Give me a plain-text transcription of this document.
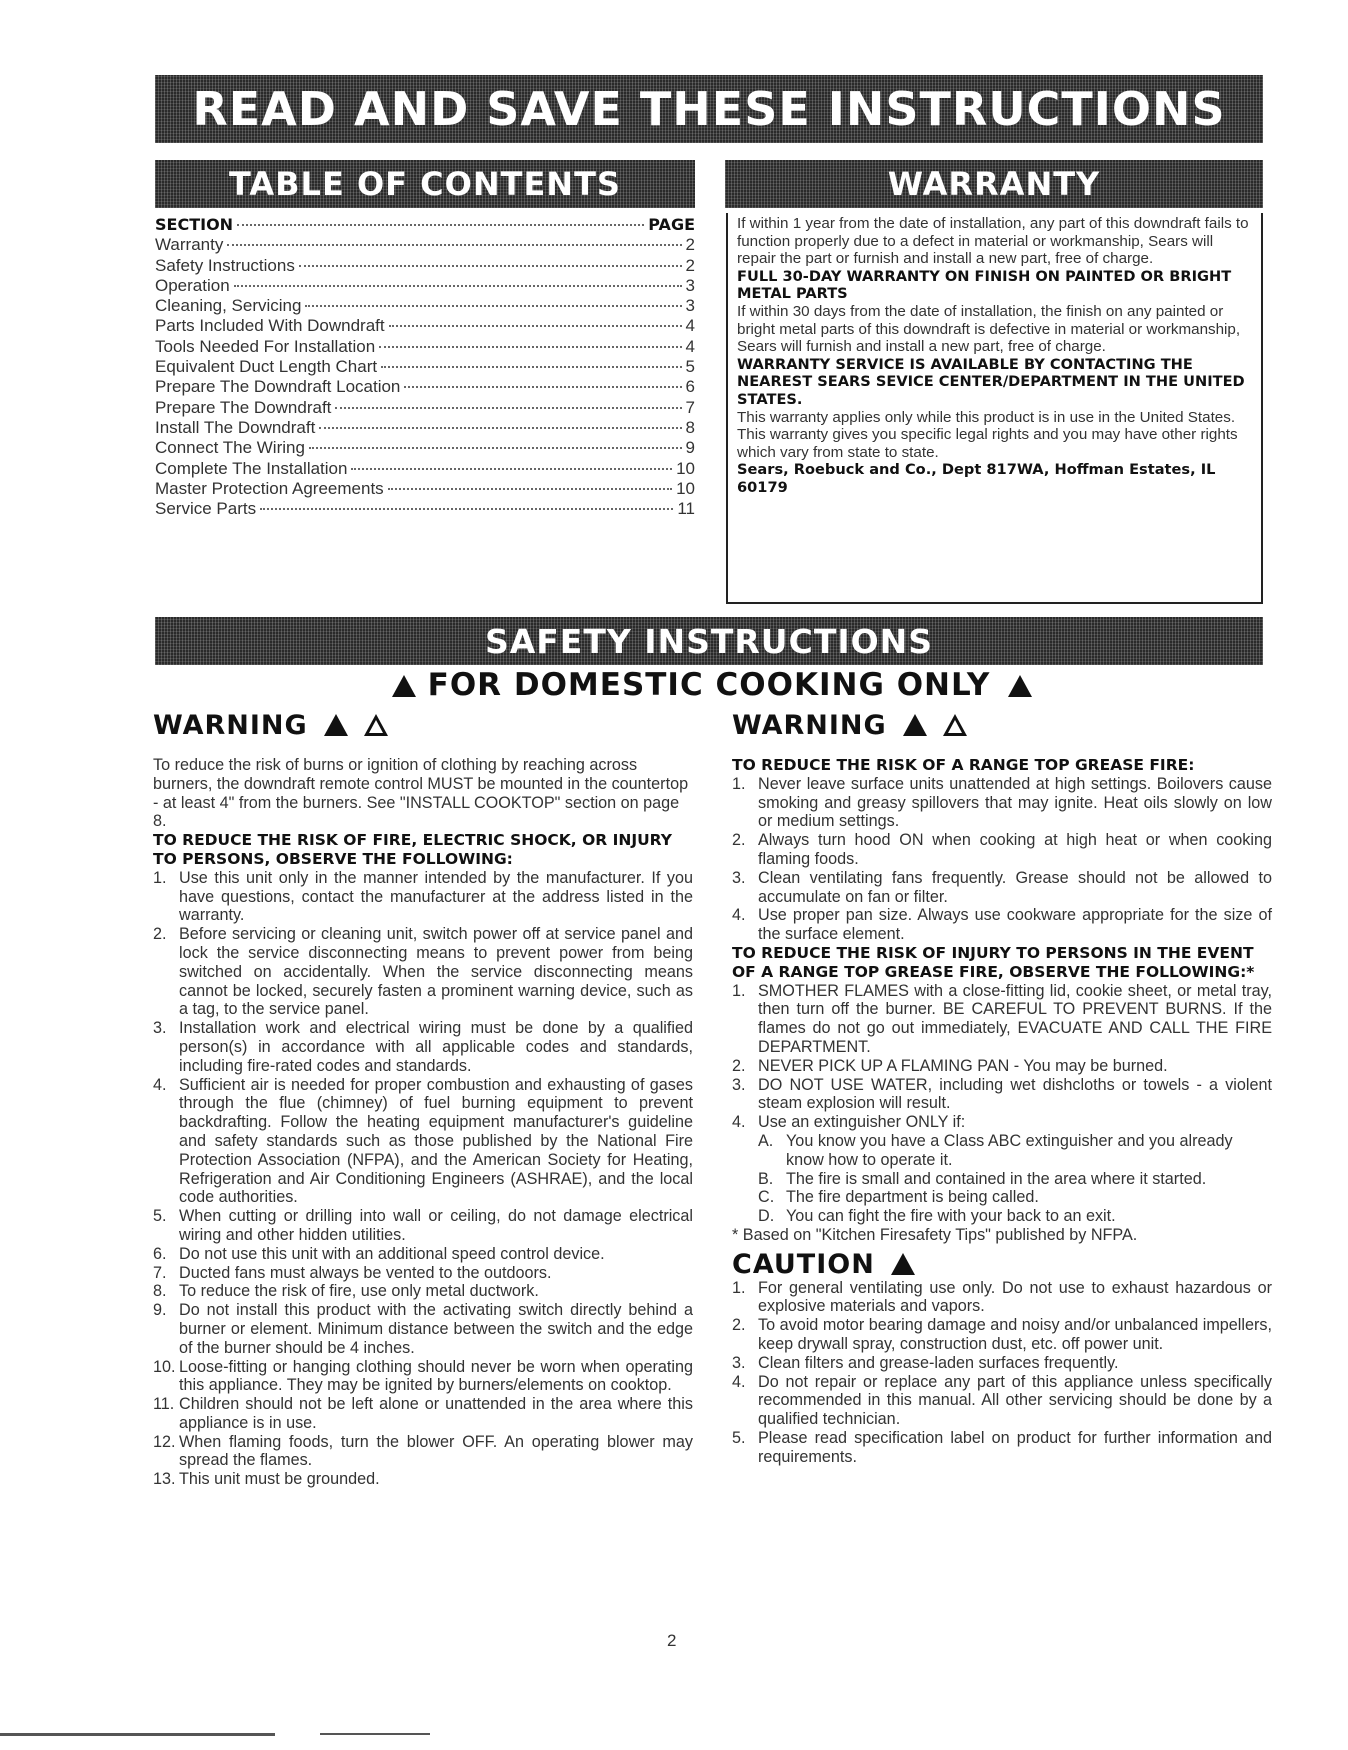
READ AND SAVE THESE INSTRUCTIONS
TABLE OF CONTENTS	WARRANTY
SECTION	PAGE
Warranty	2
Safety Instructions	2
Operation	3
Cleaning, Servicing	3
Parts Included With Downdraft	4
Tools Needed For Installation	4
Equivalent Duct Length Chart	5
Prepare The Downdraft Location	6
Prepare The Downdraft	7
Install The Downdraft	8
Connect The Wiring	9
Complete The Installation	10
Master Protection Agreements	10
Service Parts	11

If within 1 year from the date of installation, any part of this downdraft fails to function properly due to a defect in material or workmanship, Sears will repair the part or furnish and install a new part, free of charge.

FULL 30-DAY WARRANTY ON FINISH ON PAINTED OR BRIGHT METAL PARTS

If within 30 days from the date of installation, the finish on any painted or bright metal parts of this downdraft is defective in material or workmanship, Sears will furnish and install a new part, free of charge.

WARRANTY SERVICE IS AVAILABLE BY CONTACTING THE NEAREST SEARS SEVICE CENTER/DEPARTMENT IN THE UNITED STATES.

This warranty applies only while this product is in use in the United States. This warranty gives you specific legal rights and you may have other rights which vary from state to state.

Sears, Roebuck and Co., Dept 817WA, Hoffman Estates, IL 60179

SAFETY INSTRUCTIONS
FOR DOMESTIC COOKING ONLY
WARNING	WARNING

To reduce the risk of burns or ignition of clothing by reaching across burners, the downdraft remote control MUST be mounted in the countertop - at least 4" from the burners. See "INSTALL COOKTOP" section on page 8.

TO REDUCE THE RISK OF FIRE, ELECTRIC SHOCK, OR INJURY TO PERSONS, OBSERVE THE FOLLOWING:

1. Use this unit only in the manner intended by the manufacturer. If you have questions, contact the manufacturer at the address listed in the warranty.
2. Before servicing or cleaning unit, switch power off at service panel and lock the service disconnecting means to prevent power from being switched on accidentally. When the service disconnecting means cannot be locked, securely fasten a prominent warning device, such as a tag, to the service panel.
3. Installation work and electrical wiring must be done by a qualified person(s) in accordance with all applicable codes and standards, including fire-rated codes and standards.
4. Sufficient air is needed for proper combustion and exhausting of gases through the flue (chimney) of fuel burning equipment to prevent backdrafting. Follow the heating equipment manufacturer's guideline and safety standards such as those published by the National Fire Protection Association (NFPA), and the American Society for Heating, Refrigeration and Air Conditioning Engineers (ASHRAE), and the local code authorities.
5. When cutting or drilling into wall or ceiling, do not damage electrical wiring and other hidden utilities.
6. Do not use this unit with an additional speed control device.
7. Ducted fans must always be vented to the outdoors.
8. To reduce the risk of fire, use only metal ductwork.
9. Do not install this product with the activating switch directly behind a burner or element. Minimum distance between the switch and the edge of the burner should be 4 inches.
10. Loose-fitting or hanging clothing should never be worn when operating this appliance. They may be ignited by burners/elements on cooktop.
11. Children should not be left alone or unattended in the area where this appliance is in use.
12. When flaming foods, turn the blower OFF. An operating blower may spread the flames.
13. This unit must be grounded.

TO REDUCE THE RISK OF A RANGE TOP GREASE FIRE:

1. Never leave surface units unattended at high settings. Boilovers cause smoking and greasy spillovers that may ignite. Heat oils slowly on low or medium settings.
2. Always turn hood ON when cooking at high heat or when cooking flaming foods.
3. Clean ventilating fans frequently. Grease should not be allowed to accumulate on fan or filter.
4. Use proper pan size. Always use cookware appropriate for the size of the surface element.

TO REDUCE THE RISK OF INJURY TO PERSONS IN THE EVENT OF A RANGE TOP GREASE FIRE, OBSERVE THE FOLLOWING:*

1. SMOTHER FLAMES with a close-fitting lid, cookie sheet, or metal tray, then turn off the burner. BE CAREFUL TO PREVENT BURNS. If the flames do not go out immediately, EVACUATE AND CALL THE FIRE DEPARTMENT.
2. NEVER PICK UP A FLAMING PAN - You may be burned.
3. DO NOT USE WATER, including wet dishcloths or towels - a violent steam explosion will result.
4. Use an extinguisher ONLY if:
A. You know you have a Class ABC extinguisher and you already know how to operate it.
B. The fire is small and contained in the area where it started.
C. The fire department is being called.
D. You can fight the fire with your back to an exit.

* Based on "Kitchen Firesafety Tips" published by NFPA.

CAUTION
1. For general ventilating use only. Do not use to exhaust hazardous or explosive materials and vapors.
2. To avoid motor bearing damage and noisy and/or unbalanced impellers, keep drywall spray, construction dust, etc. off power unit.
3. Clean filters and grease-laden surfaces frequently.
4. Do not repair or replace any part of this appliance unless specifically recommended in this manual. All other servicing should be done by a qualified technician.
5. Please read specification label on product for further information and requirements.
2
